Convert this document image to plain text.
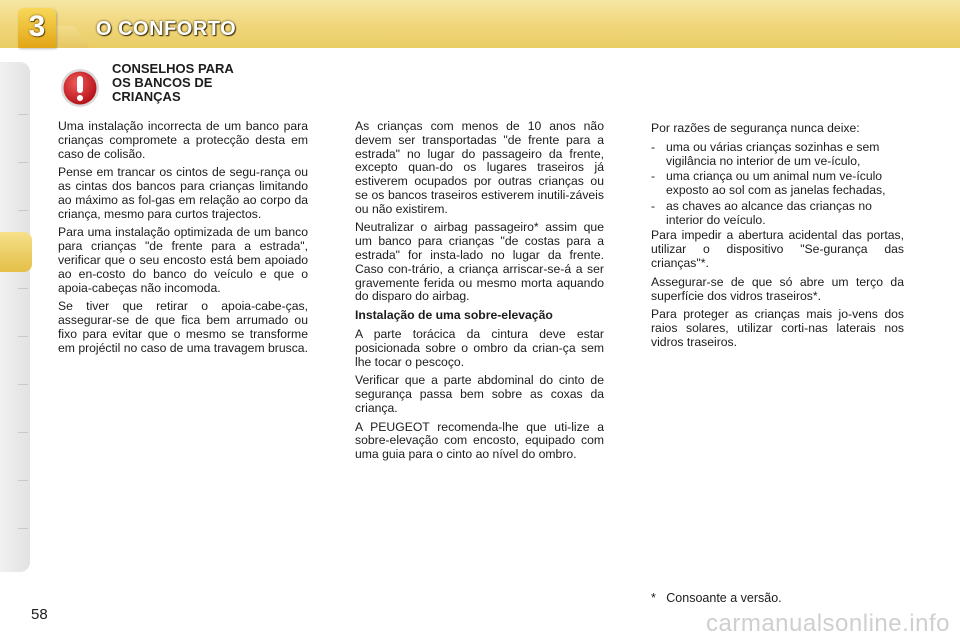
3	O CONFORTO
CONSELHOS PARA
OS BANCOS DE
CRIANÇAS

Uma instalação incorrecta de um banco para crianças compromete a protecção desta em caso de colisão.

Pense em trancar os cintos de segu-rança ou as cintas dos bancos para crianças limitando ao máximo as fol-gas em relação ao corpo da criança, mesmo para curtos trajectos.

Para uma instalação optimizada de um banco para crianças "de frente para a estrada", verificar que o seu encosto está bem apoiado ao en-costo do banco do veículo e que o apoia-cabeças não incomoda.

Se tiver que retirar o apoia-cabe-ças, assegurar-se de que fica bem arrumado ou fixo para evitar que o mesmo se transforme em projéctil no caso de uma travagem brusca.

As crianças com menos de 10 anos não devem ser transportadas "de frente para a estrada" no lugar do passageiro da frente, excepto quan-do os lugares traseiros já estiverem ocupados por outras crianças ou se os bancos traseiros estiverem inutili-záveis ou não existirem.

Neutralizar o airbag passageiro* assim que um banco para crianças "de costas para a estrada" for insta-lado no lugar da frente. Caso con-trário, a criança arriscar-se-á a ser gravemente ferida ou mesmo morta aquando do disparo do airbag.

Instalação de uma sobre-elevação

A parte torácica da cintura deve estar posicionada sobre o ombro da crian-ça sem lhe tocar o pescoço.

Verificar que a parte abdominal do cinto de segurança passa bem sobre as coxas da criança.

A PEUGEOT recomenda-lhe que uti-lize a sobre-elevação com encosto, equipado com uma guia para o cinto ao nível do ombro.

Por razões de segurança nunca deixe:

- uma ou várias crianças sozinhas e sem vigilância no interior de um ve-ículo,
- uma criança ou um animal num ve-ículo exposto ao sol com as janelas fechadas,
- as chaves ao alcance das crianças no interior do veículo.

Para impedir a abertura acidental das portas, utilizar o dispositivo "Se-gurança das crianças"*.

Assegurar-se de que só abre um terço da superfície dos vidros traseiros*.

Para proteger as crianças mais jo-vens dos raios solares, utilizar corti-nas laterais nos vidros traseiros.

*   Consoante a versão.
58	carmanualsonline.info
